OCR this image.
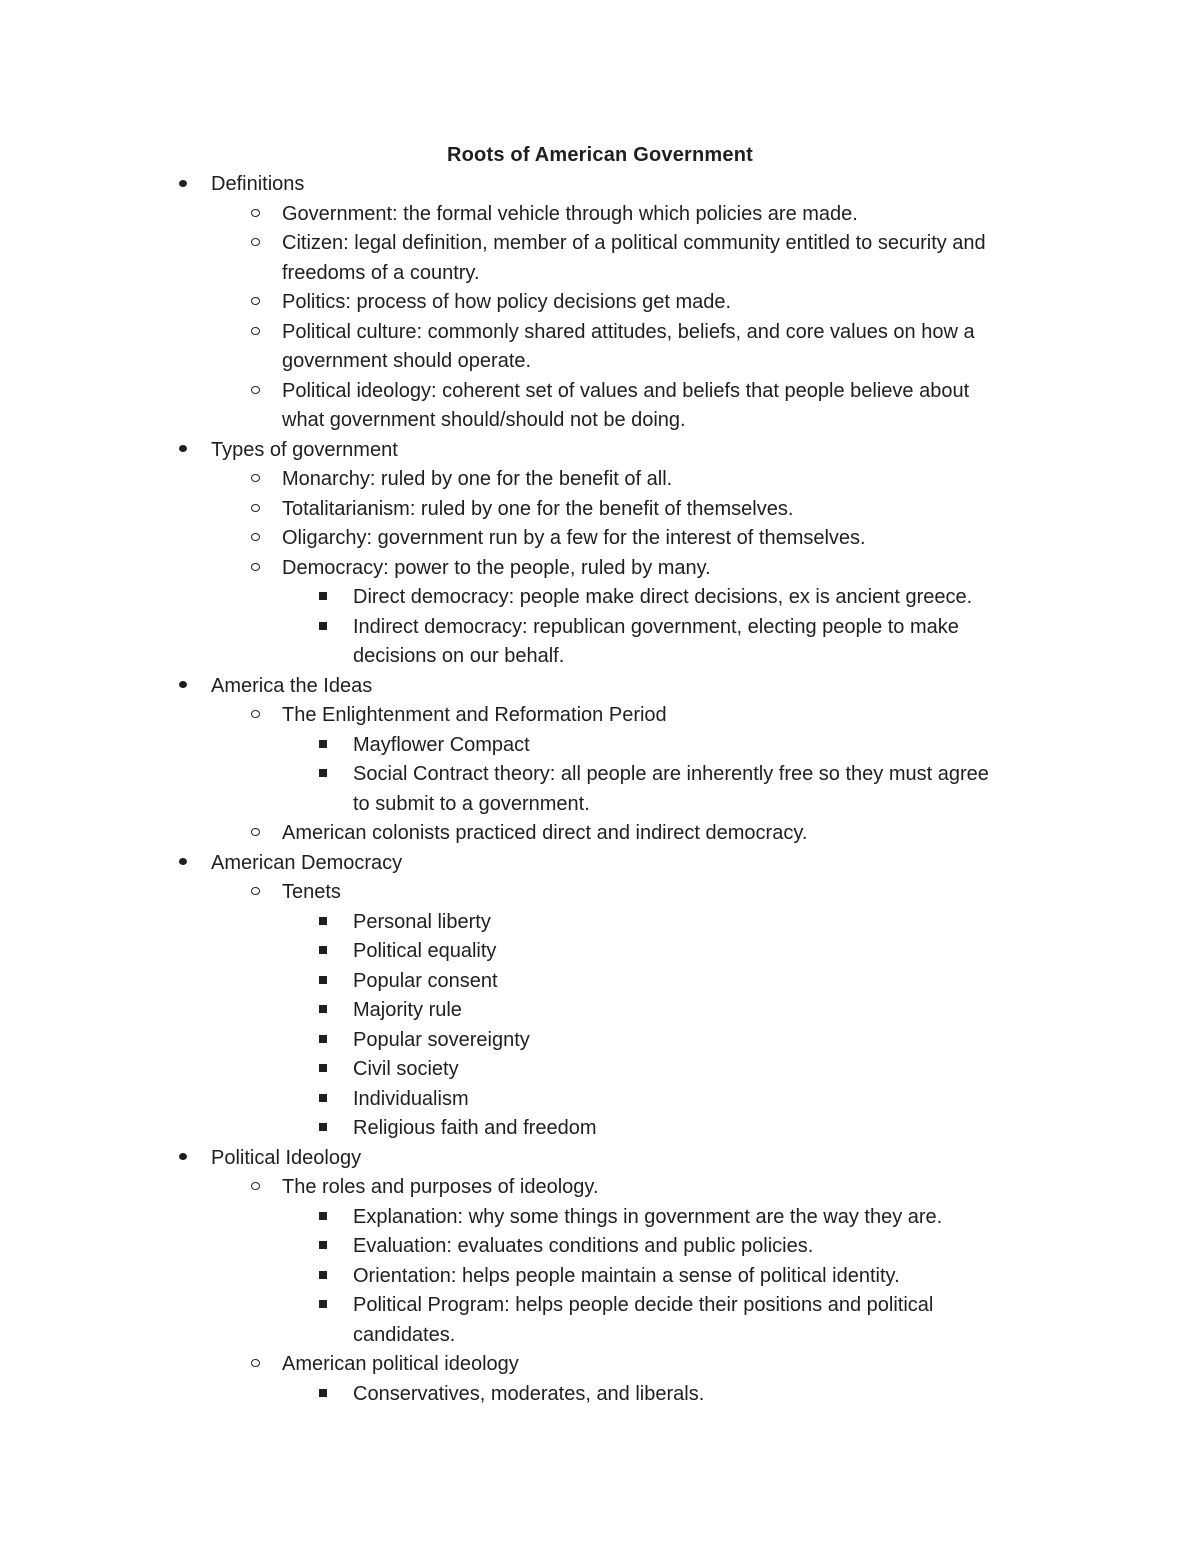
Roots of American Government
Definitions
Government: the formal vehicle through which policies are made.
Citizen: legal definition, member of a political community entitled to security and
freedoms of a country.
Politics: process of how policy decisions get made.
Political culture: commonly shared attitudes, beliefs, and core values on how a
government should operate.
Political ideology: coherent set of values and beliefs that people believe about
what government should/should not be doing.
Types of government
Monarchy: ruled by one for the benefit of all.
Totalitarianism: ruled by one for the benefit of themselves.
Oligarchy: government run by a few for the interest of themselves.
Democracy: power to the people, ruled by many.
Direct democracy: people make direct decisions, ex is ancient greece.
Indirect democracy: republican government, electing people to make
decisions on our behalf.
America the Ideas
The Enlightenment and Reformation Period
Mayflower Compact
Social Contract theory: all people are inherently free so they must agree
to submit to a government.
American colonists practiced direct and indirect democracy.
American Democracy
Tenets
Personal liberty
Political equality
Popular consent
Majority rule
Popular sovereignty
Civil society
Individualism
Religious faith and freedom
Political Ideology
The roles and purposes of ideology.
Explanation: why some things in government are the way they are.
Evaluation: evaluates conditions and public policies.
Orientation: helps people maintain a sense of political identity.
Political Program: helps people decide their positions and political
candidates.
American political ideology
Conservatives, moderates, and liberals.
